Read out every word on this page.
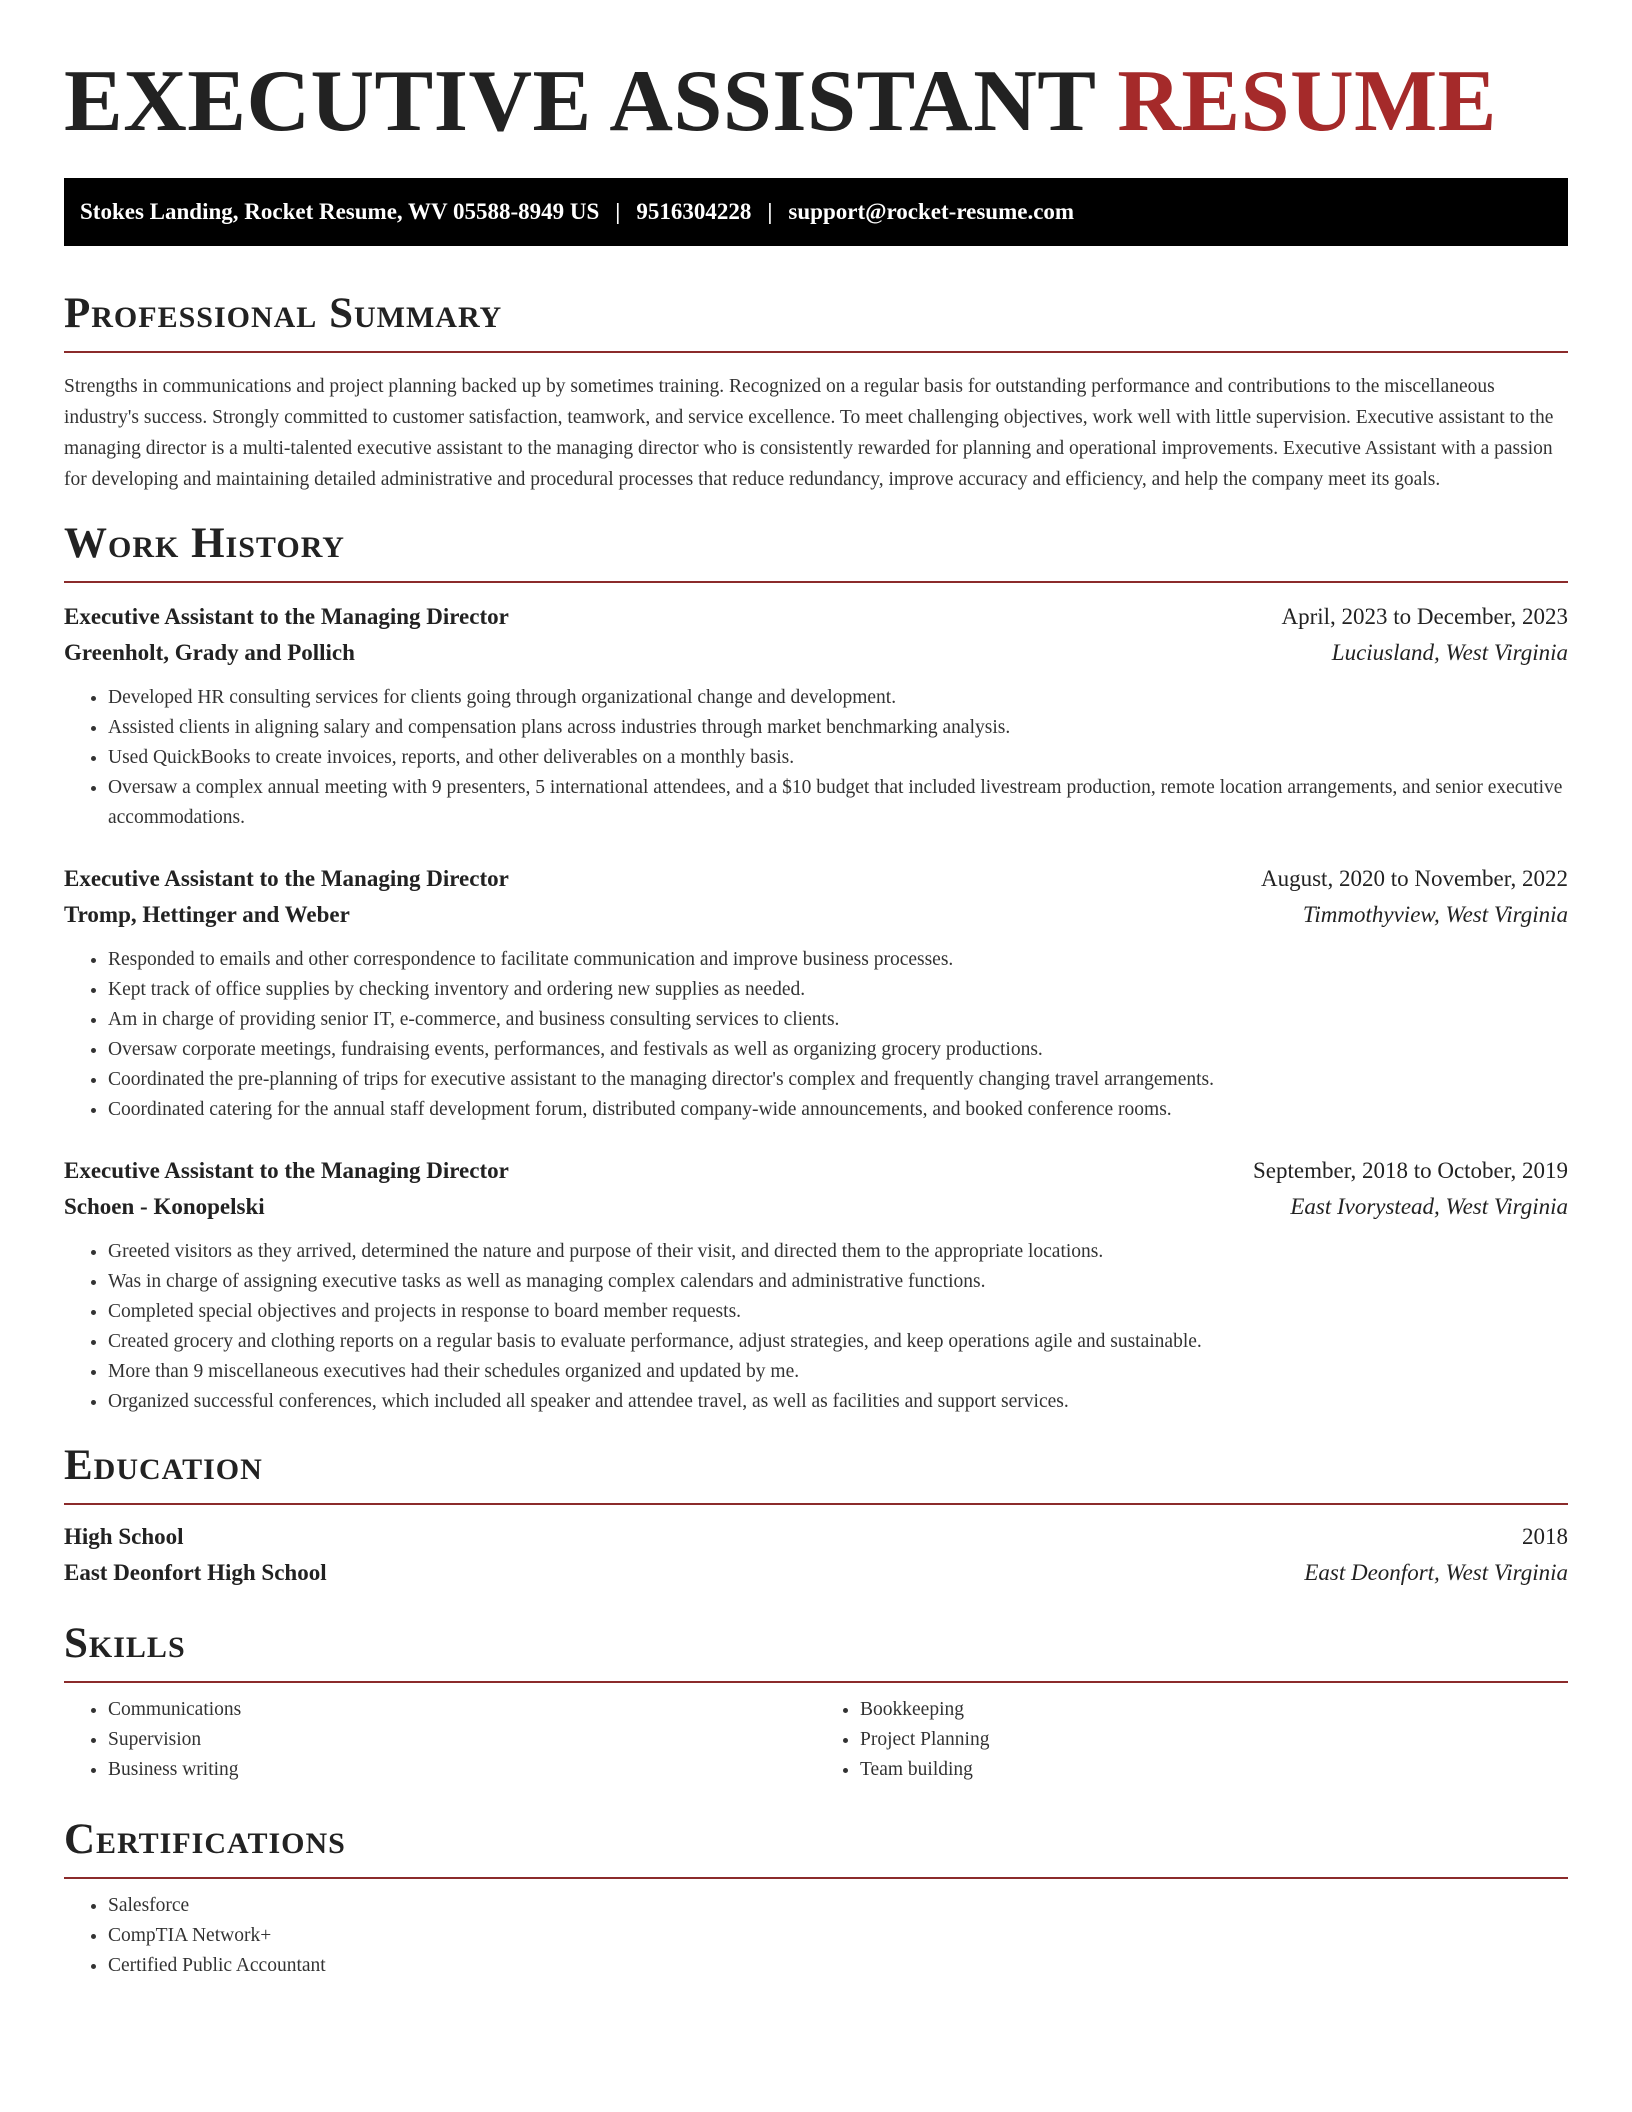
EXECUTIVE ASSISTANT RESUME
Stokes Landing, Rocket Resume, WV 05588-8949 US | 9516304228 | support@rocket-resume.com
Professional Summary

Strengths in communications and project planning backed up by sometimes training. Recognized on a regular basis for outstanding performance and contributions to the miscellaneous industry's success. Strongly committed to customer satisfaction, teamwork, and service excellence. To meet challenging objectives, work well with little supervision. Executive assistant to the managing director is a multi-talented executive assistant to the managing director who is consistently rewarded for planning and operational improvements. Executive Assistant with a passion for developing and maintaining detailed administrative and procedural processes that reduce redundancy, improve accuracy and efficiency, and help the company meet its goals.

Work History
Executive Assistant to the Managing Director	April, 2023 to December, 2023
Greenholt, Grady and Pollich	Luciusland, West Virginia
• Developed HR consulting services for clients going through organizational change and development.
• Assisted clients in aligning salary and compensation plans across industries through market benchmarking analysis.
• Used QuickBooks to create invoices, reports, and other deliverables on a monthly basis.
• Oversaw a complex annual meeting with 9 presenters, 5 international attendees, and a $10 budget that included livestream production, remote location arrangements, and senior executive accommodations.
Executive Assistant to the Managing Director	August, 2020 to November, 2022
Tromp, Hettinger and Weber	Timmothyview, West Virginia
• Responded to emails and other correspondence to facilitate communication and improve business processes.
• Kept track of office supplies by checking inventory and ordering new supplies as needed.
• Am in charge of providing senior IT, e-commerce, and business consulting services to clients.
• Oversaw corporate meetings, fundraising events, performances, and festivals as well as organizing grocery productions.
• Coordinated the pre-planning of trips for executive assistant to the managing director's complex and frequently changing travel arrangements.
• Coordinated catering for the annual staff development forum, distributed company-wide announcements, and booked conference rooms.
Executive Assistant to the Managing Director	September, 2018 to October, 2019
Schoen - Konopelski	East Ivorystead, West Virginia
• Greeted visitors as they arrived, determined the nature and purpose of their visit, and directed them to the appropriate locations.
• Was in charge of assigning executive tasks as well as managing complex calendars and administrative functions.
• Completed special objectives and projects in response to board member requests.
• Created grocery and clothing reports on a regular basis to evaluate performance, adjust strategies, and keep operations agile and sustainable.
• More than 9 miscellaneous executives had their schedules organized and updated by me.
• Organized successful conferences, which included all speaker and attendee travel, as well as facilities and support services.
Education
High School	2018
East Deonfort High School	East Deonfort, West Virginia
Skills
• Communications
• Supervision
• Business writing
• Bookkeeping
• Project Planning
• Team building
Certifications
• Salesforce
• CompTIA Network+
• Certified Public Accountant
